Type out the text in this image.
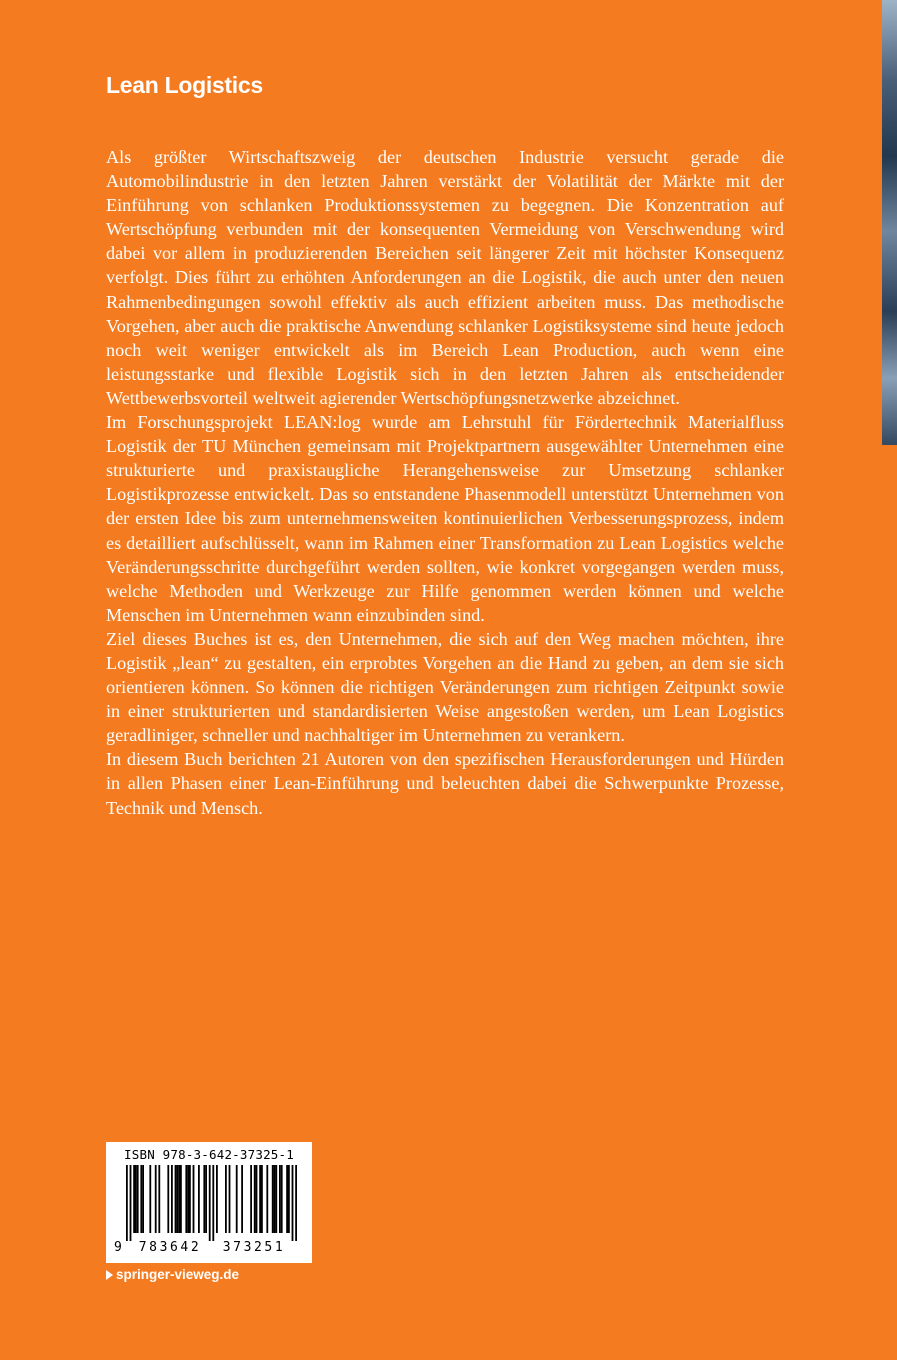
Lean Logistics

Als größter Wirtschaftszweig der deutschen Industrie versucht gerade die Automobilindustrie in den letzten Jahren verstärkt der Volatilität der Märkte mit der Einführung von schlanken Produktionssystemen zu begegnen. Die Konzentration auf Wertschöpfung verbunden mit der konsequenten Vermeidung von Verschwendung wird dabei vor allem in produzierenden Bereichen seit längerer Zeit mit höchster Konsequenz verfolgt. Dies führt zu erhöhten Anforderungen an die Logistik, die auch unter den neuen Rahmenbedingungen sowohl effektiv als auch effizient arbeiten muss. Das methodische Vorgehen, aber auch die praktische Anwendung schlanker Logistiksysteme sind heute jedoch noch weit weniger entwickelt als im Bereich Lean Production, auch wenn eine leistungsstarke und flexible Logistik sich in den letzten Jahren als entscheidender Wettbewerbsvorteil weltweit agierender Wertschöpfungsnetzwerke abzeichnet.

Im Forschungsprojekt LEAN:log wurde am Lehrstuhl für Fördertechnik Materialfluss Logistik der TU München gemeinsam mit Projektpartnern ausgewählter Unternehmen eine strukturierte und praxistaugliche Herangehensweise zur Umsetzung schlanker Logistikprozesse entwickelt. Das so entstandene Phasenmodell unterstützt Unternehmen von der ersten Idee bis zum unternehmensweiten kontinuierlichen Verbesserungsprozess, indem es detailliert aufschlüsselt, wann im Rahmen einer Transformation zu Lean Logistics welche Veränderungsschritte durchgeführt werden sollten, wie konkret vorgegangen werden muss, welche Methoden und Werkzeuge zur Hilfe genommen werden können und welche Menschen im Unternehmen wann einzubinden sind.

Ziel dieses Buches ist es, den Unternehmen, die sich auf den Weg machen möchten, ihre Logistik „lean“ zu gestalten, ein erprobtes Vorgehen an die Hand zu geben, an dem sie sich orientieren können. So können die richtigen Veränderungen zum richtigen Zeitpunkt sowie in einer strukturierten und standardisierten Weise angestoßen werden, um Lean Logistics geradliniger, schneller und nachhaltiger im Unternehmen zu verankern.

In diesem Buch berichten 21 Autoren von den spezifischen Herausforderungen und Hürden in allen Phasen einer Lean-Einführung und beleuchten dabei die Schwerpunkte Prozesse, Technik und Mensch.

ISBN 978-3-642-37325-1
9	783642	373251
springer-vieweg.de
